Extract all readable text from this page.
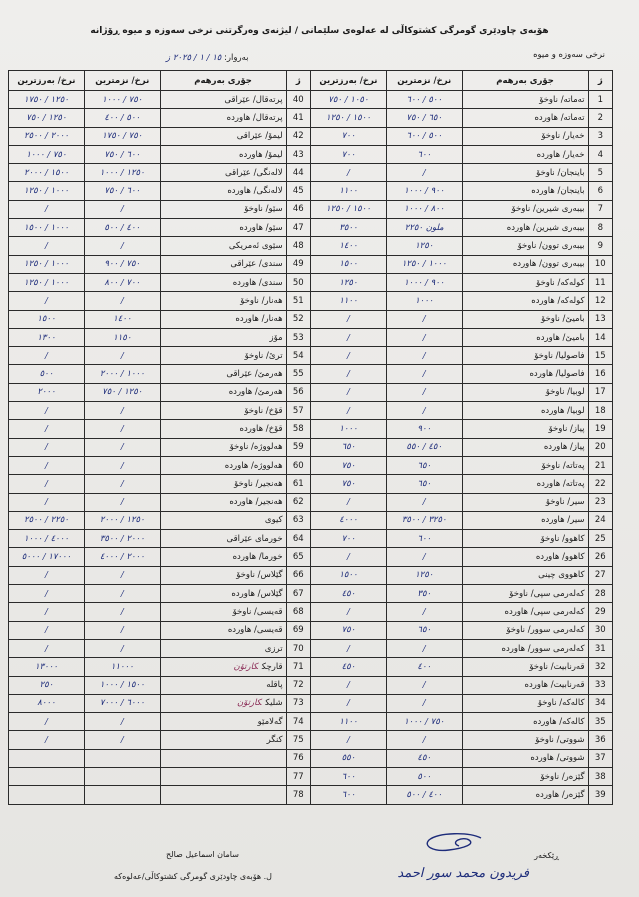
هۆبەی چاودێری گومرگی کشتوکاڵی لە عەلوەی سلێمانی / لیژنەی وەرگرتنی نرخی سەوزە و میوە ڕۆژانە
نرخی سەوزە و میوە
بەروار: ١٥ / ١ / ٢٠٢٥ ز
ژ	جۆری بەرهەم	نرخ/ نزمترین	نرخ/ بەرزترین	ژ	جۆری بەرهەم	نرخ/ نزمترین	نرخ/ بەرزترین
1	تەماتە/ ناوخۆ	٥٠٠ / ٦٠٠	١٠٥٠ / ٧٥٠	40	پرتەقال/ عێراقی	٧٥٠ / ١٠٠٠	١٢٥٠ / ١٧٥٠
2	تەماتە/ هاوردە	٦٥٠ / ٧٥٠	١٥٠٠ / ١٢٥٠	41	پرتەقال/ هاوردە	٥٠٠ / ٤٠٠	١٢٥٠ / ٧٥٠
3	خەیار/ ناوخۆ	٥٠٠ / ٦٠٠	٧٠٠	42	لیمۆ/ عێراقی	٧٥٠ / ١٧٥٠	٢٠٠٠ / ٢٥٠٠
4	خەیار/ هاوردە	٦٠٠	٧٠٠	43	لیمۆ/ هاوردە	٦٠٠ / ٧٥٠	٧٥٠ / ١٠٠٠
5	باینجان/ ناوخۆ	/	/	44	لالەنگی/ عێراقی	١٢٥٠ / ١٠٠٠	١٥٠٠ / ٢٠٠٠
6	باینجان/ هاوردە	٩٠٠ / ١٠٠٠	١١٠٠	45	لالەنگی/ هاوردە	٦٠٠ / ٧٥٠	١٠٠٠ / ١٢٥٠
7	بیبەری شیرین/ ناوخۆ	٨٠٠ / ١٠٠٠	١٥٠٠ / ١٢٥٠	46	سێو/ ناوخۆ	/	/
8	بیبەری شیرین/ هاوردە	ملون ٢٢٥٠	٣٥٠٠	47	سێو/ هاوردە	٤٠٠ / ٥٠٠	١٠٠٠ / ١٥٠٠
9	بیبەری توون/ ناوخۆ	١٢٥٠	١٤٠٠	48	سێوی ئەمریکی	/	/
10	بیبەری توون/ هاوردە	١٠٠٠ / ١٢٥٠	١٥٠٠	49	سندی/ عێراقی	٧٥٠ / ٩٠٠	١٠٠٠ / ١٢٥٠
11	کولەکە/ ناوخۆ	٩٠٠ / ١٠٠٠	١٢٥٠	50	سندی/ هاوردە	٧٠٠ / ٨٠٠	١٠٠٠ / ١٢٥٠
12	کولەکە/ هاوردە	١٠٠٠	١١٠٠	51	هەنار/ ناوخۆ	/	/
13	بامیێ/ ناوخۆ	/	/	52	هەنار/ هاوردە	١٤٠٠	١٥٠٠
14	بامیێ/ هاوردە	/	/	53	مۆز	١١٥٠	١٣٠٠
15	فاصولیا/ ناوخۆ	/	/	54	ترێ/ ناوخۆ	/	/
16	فاصولیا/ هاوردە	/	/	55	هەرمێ/ عێراقی	١٠٠٠ / ٢٠٠٠	٥٠٠
17	لوبیا/ ناوخۆ	/	/	56	هەرمێ/ هاوردە	١٢٥٠ / ٧٥٠	٢٠٠٠
18	لوبیا/ هاوردە	/	/	57	قۆخ/ ناوخۆ	/	/
19	پیاز/ ناوخۆ	٩٠٠	١٠٠٠	58	قۆخ/ هاوردە	/	/
20	پیاز/ هاوردە	٤٥٠ / ٥٥٠	٦٥٠	59	هەلووژە/ ناوخۆ	/	/
21	پەتاتە/ ناوخۆ	٦٥٠	٧٥٠	60	هەلووژە/ هاوردە	/	/
22	پەتاتە/ هاوردە	٦٥٠	٧٥٠	61	هەنجیر/ ناوخۆ	/	/
23	سیر/ ناوخۆ	/	/	62	هەنجیر/ هاوردە	/	/
24	سیر/ هاوردە	٣٢٥٠ / ٣٥٠٠	٤٠٠٠	63	کیوی	١٢٥٠ / ٢٠٠٠	٢٢٥٠ / ٢٥٠٠
25	کاهوو/ ناوخۆ	٦٠٠	٧٠٠	64	خورمای عێراقی	٢٠٠٠ / ٣٥٠٠	٤٠٠٠ / ١٠٠٠
26	کاهوو/ هاوردە	/	/	65	خورما/ هاوردە	٢٠٠٠ / ٤٠٠٠	١٧٠٠٠ / ٥٠٠٠
27	کاهووی چینی	١٢٥٠	١٥٠٠	66	گێلاس/ ناوخۆ	/	/
28	کەلەرمی سپی/ ناوخۆ	٣٥٠	٤٥٠	67	گێلاس/ هاوردە	/	/
29	کەلەرمی سپی/ هاوردە	/	/	68	قەیسی/ ناوخۆ	/	/
30	کەلەرمی سوور/ ناوخۆ	٦٥٠	٧٥٠	69	قەیسی/ هاوردە	/	/
31	کەلەرمی سوور/ هاوردە	/	/	70	ترزی	/	/
32	قەرنابیت/ ناوخۆ	٤٠٠	٤٥٠	71	قارچککارتۆن	١١٠٠٠	١٣٠٠٠
33	قەرنابیت/ هاوردە	/	/	72	پاقلە	١٥٠٠ / ١٠٠٠	٢٥٠
34	کالەکە/ ناوخۆ	/	/	73	شلیککارتۆن	٦٠٠٠ / ٧٠٠٠	٨٠٠٠
35	کالەکە/ هاوردە	٧٥٠ / ١٠٠٠	١١٠٠	74	گەلامێو	/	/
36	شووتی/ ناوخۆ	/	/	75	کنگر	/	/
37	شووتی/ هاوردە	٤٥٠	٥٥٠	76			
38	گێزەر/ ناوخۆ	٥٠٠	٦٠٠	77			
39	گێزەر/ هاوردە	٤٠٠ / ٥٠٠	٦٠٠	78			
سامان اسماعیل صالح
ل. هۆبەی چاودێری گومرگی کشتوکاڵی/عەلوەکە
ڕێکخەر
فریدون محمد سور احمد
